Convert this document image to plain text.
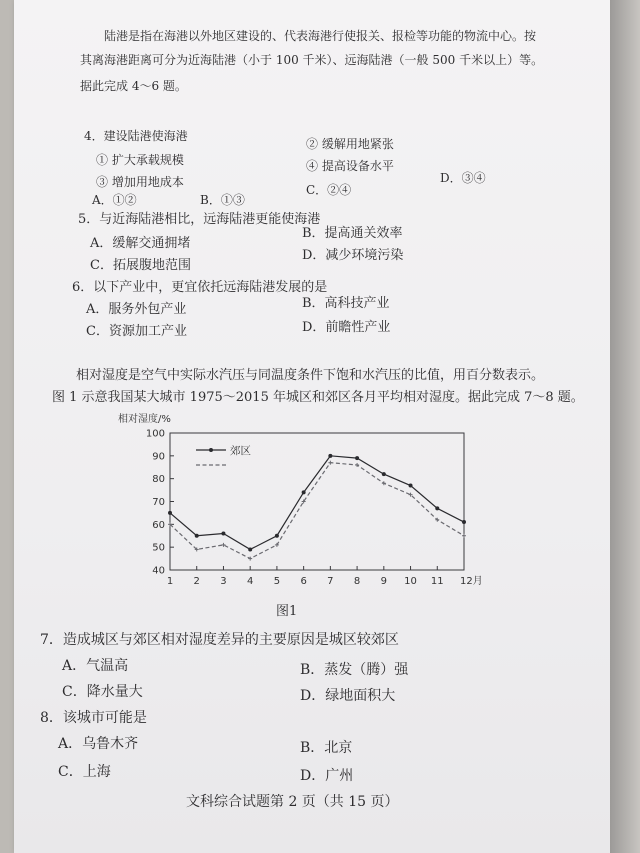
陆港是指在海港以外地区建设的、代表海港行使报关、报检等功能的物流中心。按
其离海港距离可分为近海陆港（小于 100 千米）、远海陆港（一般 500 千米以上）等。
据此完成 4～6 题。
4．建设陆港使海港
① 扩大承载规模
② 缓解用地紧张
③ 增加用地成本
④ 提高设备水平
A．①②	B．①③
C．②④
D．③④
5．与近海陆港相比，远海陆港更能使海港
A．缓解交通拥堵
B．提高通关效率
C．拓展腹地范围
D．减少环境污染
6．以下产业中，更宜依托远海陆港发展的是
A．服务外包产业	B．高科技产业
C．资源加工产业	D．前瞻性产业
相对湿度是空气中实际水汽压与同温度条件下饱和水汽压的比值，用百分数表示。
图 1 示意我国某大城市 1975～2015 年城区和郊区各月平均相对湿度。据此完成 7～8 题。
相对湿度/%
40
50
60
70
80
90
100
1 2 3 4 5 6 7 8 9 10 11 12月
郊区
图1
7．造成城区与郊区相对湿度差异的主要原因是城区较郊区
A．气温高	B．蒸发（腾）强
C．降水量大	D．绿地面积大
8．该城市可能是
A．乌鲁木齐	B．北京
C．上海	D．广州
文科综合试题第 2 页（共 15 页）
